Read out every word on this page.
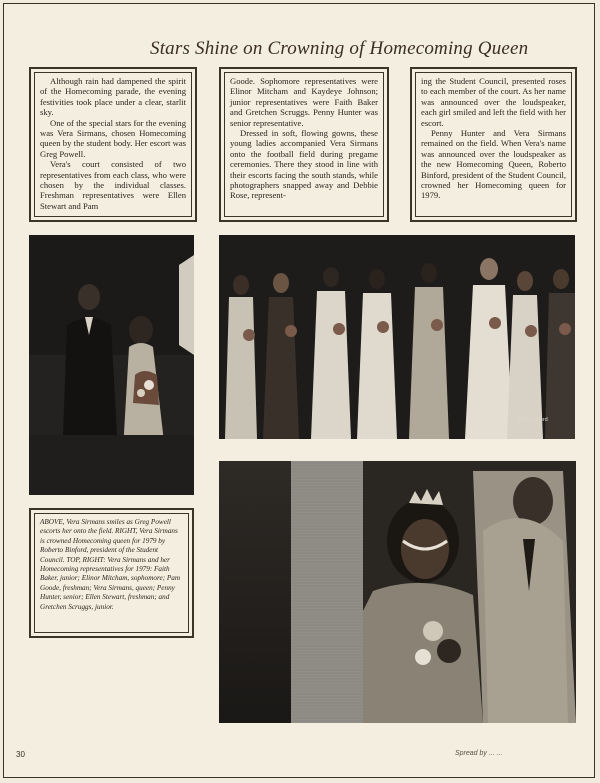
Stars Shine on Crowning of Homecoming Queen

Although rain had dampened the spirit of the Homecoming parade, the evening festivities took place under a clear, starlit sky.

One of the special stars for the evening was Vera Sirmans, chosen Homecoming queen by the student body. Her escort was Greg Powell.

Vera's court consisted of two representatives from each class, who were chosen by the individual classes. Freshman representatives were Ellen Stewart and Pam

Goode. Sophomore representatives were Elinor Mitcham and Kaydeye Johnson; junior representatives were Faith Baker and Gretchen Scruggs. Penny Hunter was senior representative.

Dressed in soft, flowing gowns, these young ladies accompanied Vera Sirmans onto the football field during pregame ceremonies. There they stood in line with their escorts facing the south stands, while photographers snapped away and Debbie Rose, represent-

ing the Student Council, presented roses to each member of the court. As her name was announced over the loudspeaker, each girl smiled and left the field with her escort.

Penny Hunter and Vera Sirmans remained on the field. When Vera's name was announced over the loudspeaker as the new Homecoming Queen, Roberto Binford, president of the Student Council, crowned her Homecoming queen for 1979.

Danny Ford
ABOVE, Vera Sirmans smiles as Greg Powell escorts her onto the field. RIGHT, Vera Sirmans is crowned Homecoming queen for 1979 by Roberto Binford, president of the Student Council. TOP, RIGHT: Vera Sirmans and her Homecoming representatives for 1979: Faith Baker, junior; Elinor Mitcham, sophomore; Pam Goode, freshman; Vera Sirmans, queen; Penny Hunter, senior; Ellen Stewart, freshman; and Gretchen Scruggs, junior.
30	Spread by ... ...
